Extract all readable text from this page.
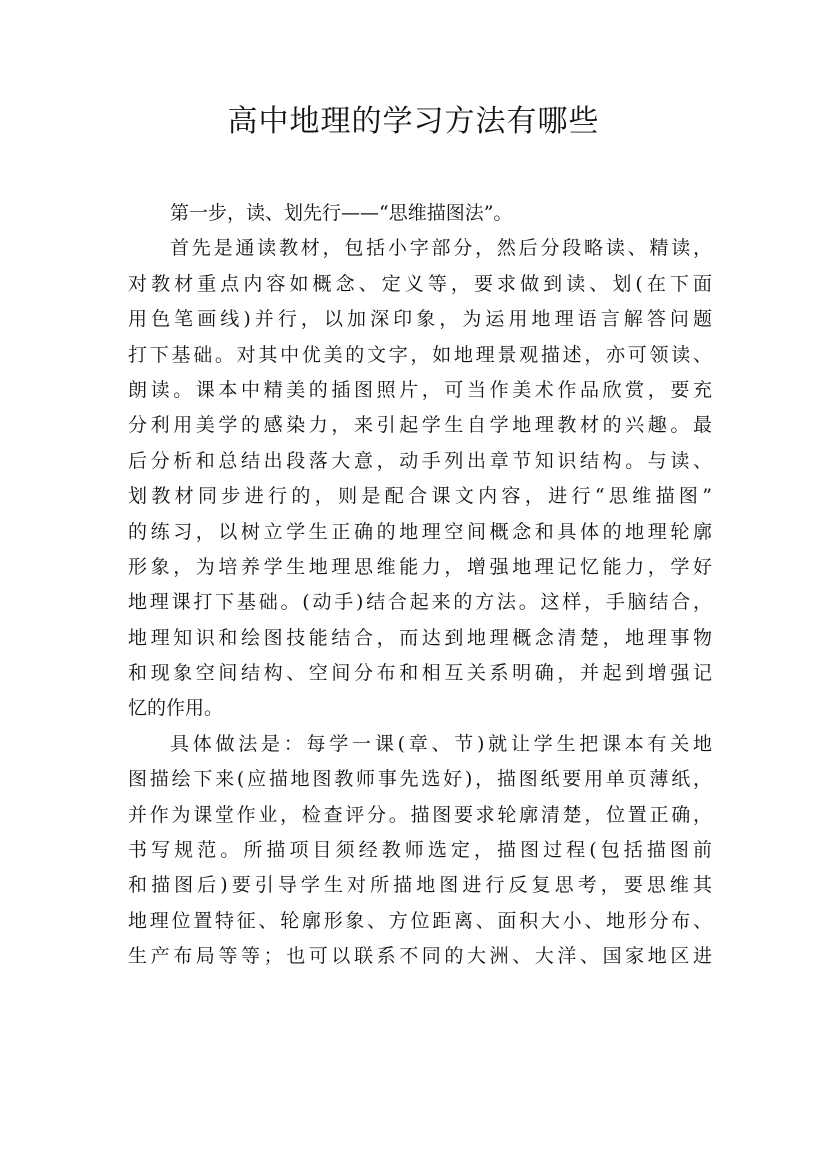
高中地理的学习方法有哪些
第一步，读、划先行——“思维描图法”。
首先是通读教材，包括小字部分，然后分段略读、精读，
对教材重点内容如概念、定义等，要求做到读、划(在下面
用色笔画线)并行，以加深印象，为运用地理语言解答问题
打下基础。对其中优美的文字，如地理景观描述，亦可领读、
朗读。课本中精美的插图照片，可当作美术作品欣赏，要充
分利用美学的感染力，来引起学生自学地理教材的兴趣。最
后分析和总结出段落大意，动手列出章节知识结构。与读、
划教材同步进行的，则是配合课文内容，进行“思维描图”
的练习，以树立学生正确的地理空间概念和具体的地理轮廓
形象，为培养学生地理思维能力，增强地理记忆能力，学好
地理课打下基础。(动手)结合起来的方法。这样，手脑结合，
地理知识和绘图技能结合，而达到地理概念清楚，地理事物
和现象空间结构、空间分布和相互关系明确，并起到增强记
忆的作用。
具体做法是：每学一课(章、节)就让学生把课本有关地
图描绘下来(应描地图教师事先选好)，描图纸要用单页薄纸，
并作为课堂作业，检查评分。描图要求轮廓清楚，位置正确，
书写规范。所描项目须经教师选定，描图过程(包括描图前
和描图后)要引导学生对所描地图进行反复思考，要思维其
地理位置特征、轮廓形象、方位距离、面积大小、地形分布、
生产布局等等；也可以联系不同的大洲、大洋、国家地区进
